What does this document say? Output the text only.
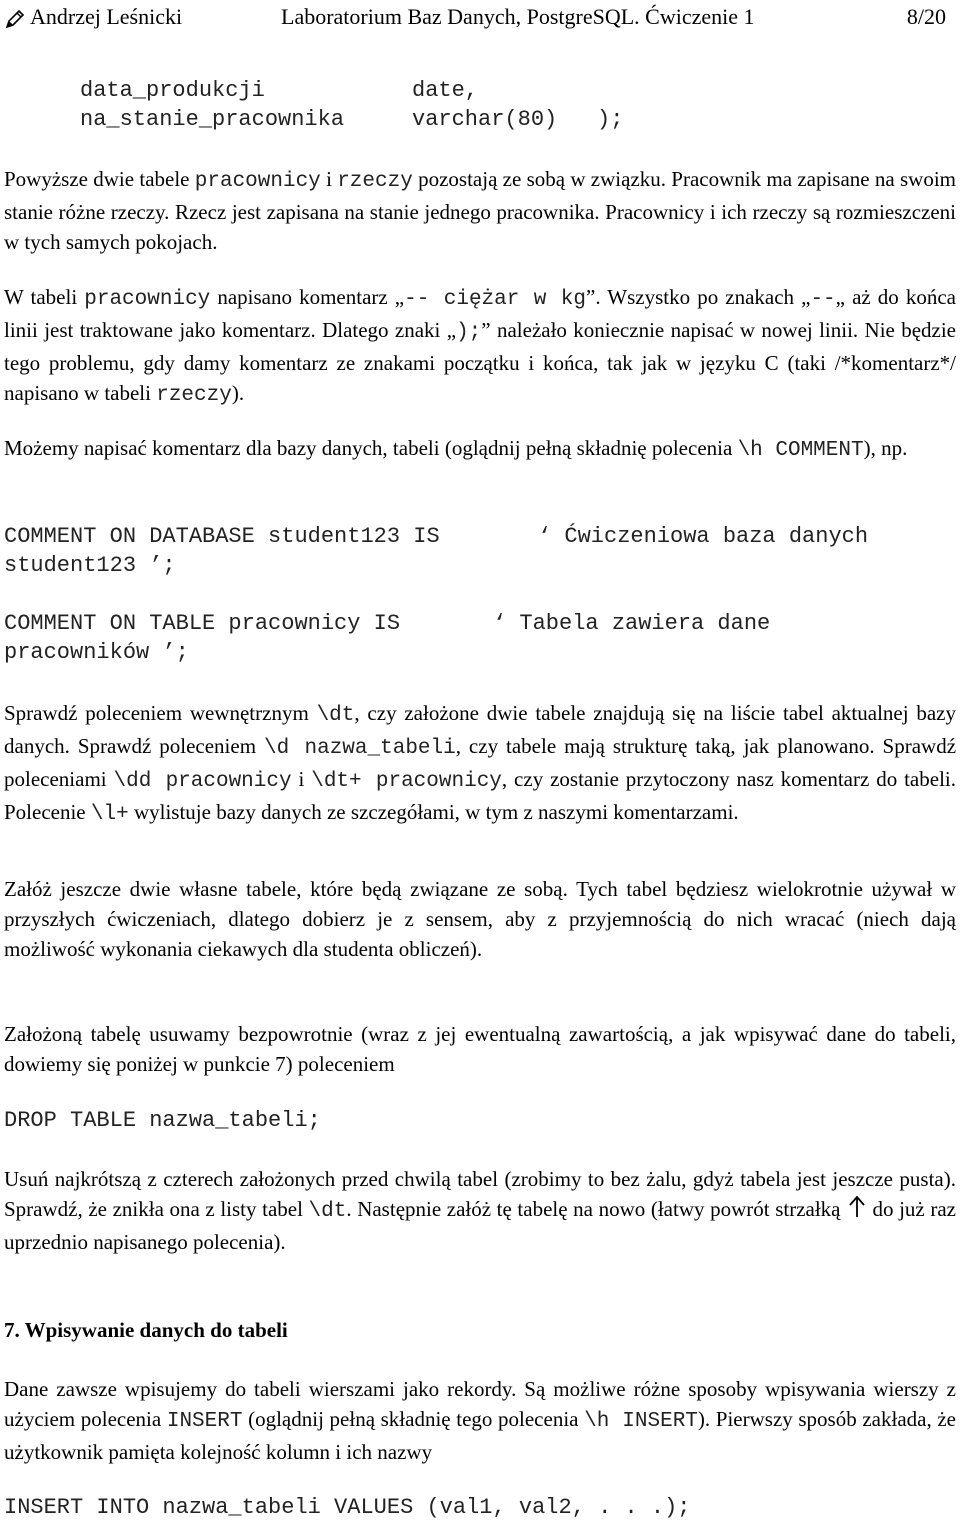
Andrzej Leśnicki	Laboratorium Baz Danych, PostgreSQL. Ćwiczenie 1	8/20
data_produkcji	date,
na_stanie_pracownika	varchar(80) );

Powyższe dwie tabele pracownicy i rzeczy pozostają ze sobą w związku. Pracownik ma zapisane na swoim stanie różne rzeczy. Rzecz jest zapisana na stanie jednego pracownika. Pracownicy i ich rzeczy są rozmieszczeni w tych samych pokojach.

W tabeli pracownicy napisano komentarz „-- ciężar w kg”. Wszystko po znakach „--„ aż do końca linii jest traktowane jako komentarz. Dlatego znaki „);” należało koniecznie napisać w nowej linii. Nie będzie tego problemu, gdy damy komentarz ze znakami początku i końca, tak jak w języku C (taki /*komentarz*/ napisano w tabeli rzeczy).

Możemy napisać komentarz dla bazy danych, tabeli (oglądnij pełną składnię polecenia \h COMMENT), np.

COMMENT ON DATABASE student123 IS	‘ Ćwiczeniowa baza danych
student123 ’;
COMMENT ON TABLE pracownicy IS	‘ Tabela zawiera dane
pracowników ’;

Sprawdź poleceniem wewnętrznym \dt, czy założone dwie tabele znajdują się na liście tabel aktualnej bazy danych. Sprawdź poleceniem \d nazwa_tabeli, czy tabele mają strukturę taką, jak planowano. Sprawdź poleceniami \dd pracownicy i \dt+ pracownicy, czy zostanie przytoczony nasz komentarz do tabeli. Polecenie \l+ wylistuje bazy danych ze szczegółami, w tym z naszymi komentarzami.

Załóż jeszcze dwie własne tabele, które będą związane ze sobą. Tych tabel będziesz wielokrotnie używał w przyszłych ćwiczeniach, dlatego dobierz je z sensem, aby z przyjemnością do nich wracać (niech dają możliwość wykonania ciekawych dla studenta obliczeń).

Założoną tabelę usuwamy bezpowrotnie (wraz z jej ewentualną zawartością, a jak wpisywać dane do tabeli, dowiemy się poniżej w punkcie 7) poleceniem

DROP TABLE nazwa_tabeli;

Usuń najkrótszą z czterech założonych przed chwilą tabel (zrobimy to bez żalu, gdyż tabela jest jeszcze pusta). Sprawdź, że znikła ona z listy tabel \dt. Następnie załóż tę tabelę na nowo (łatwy powrót strzałką do już raz uprzednio napisanego polecenia).

7. Wpisywanie danych do tabeli

Dane zawsze wpisujemy do tabeli wierszami jako rekordy. Są możliwe różne sposoby wpisywania wierszy z użyciem polecenia INSERT (oglądnij pełną składnię tego polecenia \h INSERT). Pierwszy sposób zakłada, że użytkownik pamięta kolejność kolumn i ich nazwy

INSERT INTO nazwa_tabeli VALUES (val1, val2, . . .);
